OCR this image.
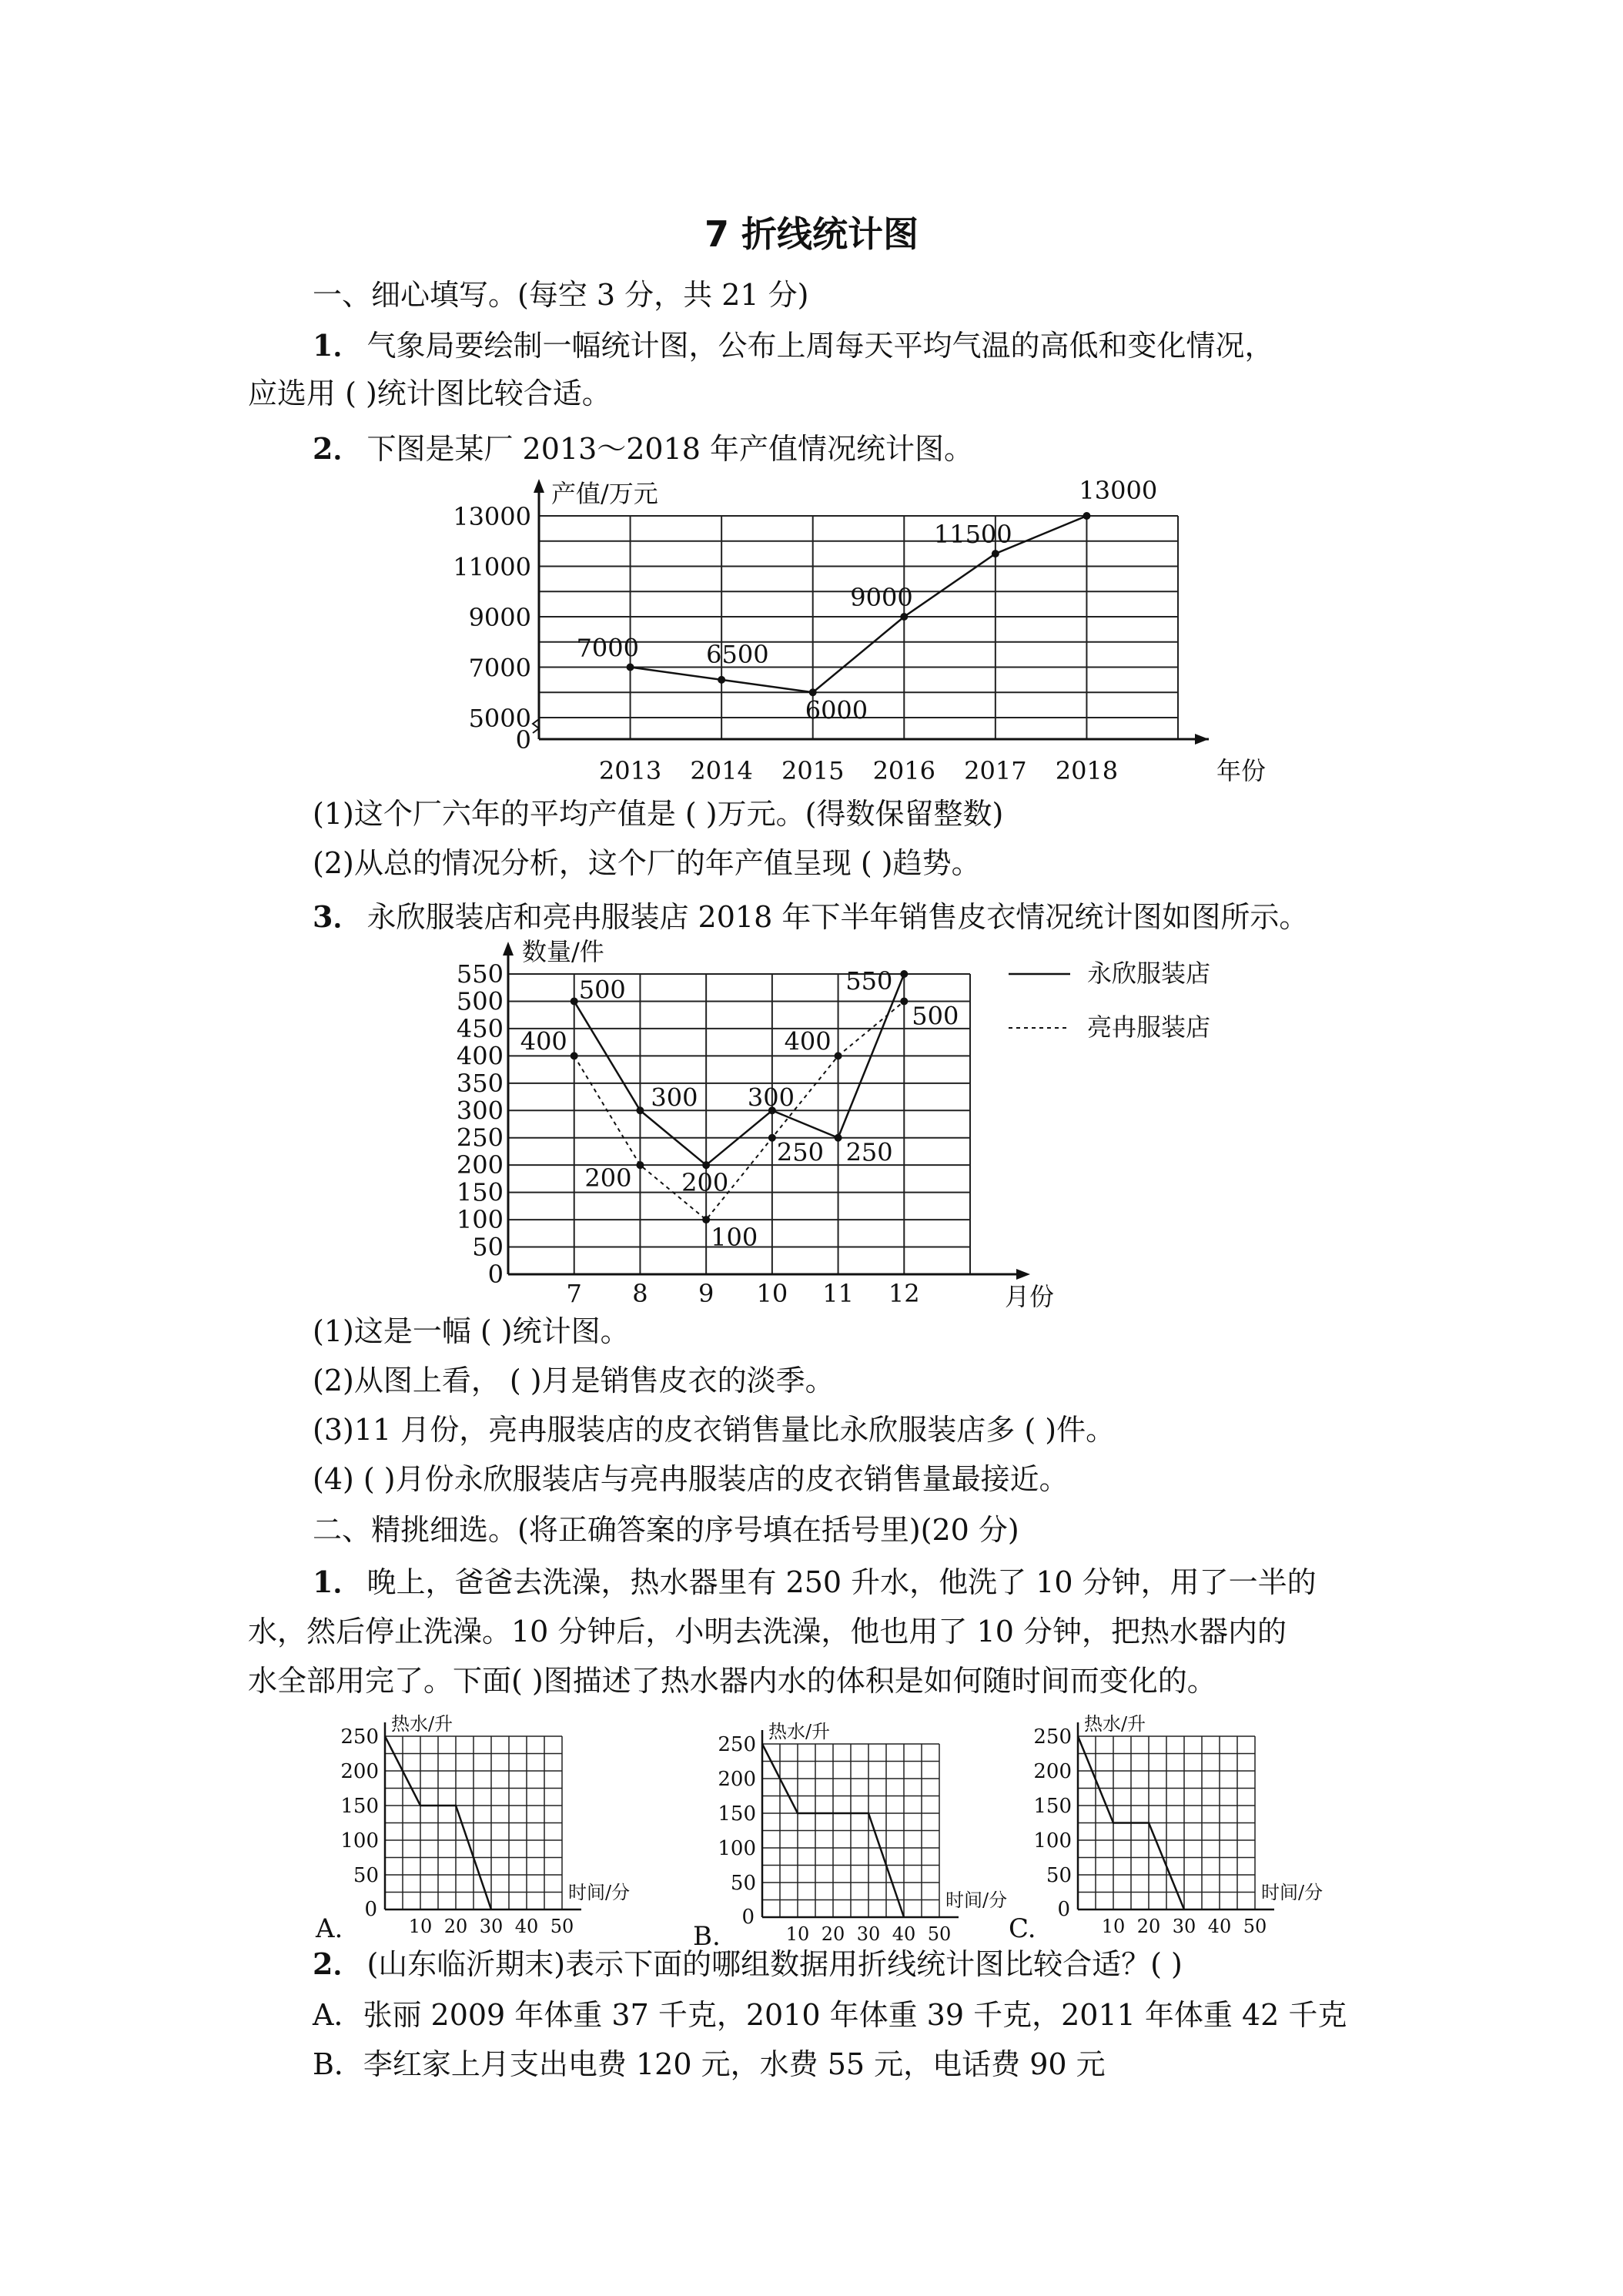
7 折线统计图
一、细心填写。(每空 3 分，共 21 分)
1． 气象局要绘制一幅统计图，公布上周每天平均气温的高低和变化情况，
应选用 ( )统计图比较合适。
2． 下图是某厂 2013～2018 年产值情况统计图。
产值/万元
年份
0
5000
7000
9000
11000
13000
2013 2014 2015 2016 2017 2018
7000	6500
6000
9000
11500
13000
(1)这个厂六年的平均产值是 ( )万元。(得数保留整数)
(2)从总的情况分析，这个厂的年产值呈现 ( )趋势。
3． 永欣服装店和亮冉服装店 2018 年下半年销售皮衣情况统计图如图所示。
数量/件
月份
0
50
100
150
200
250
300
350
400
450
500
550
7 8 9 10 11 12
500
400
300
200 200
100
300
250
400
250
550
500
永欣服装店
亮冉服装店
(1)这是一幅 ( )统计图。
(2)从图上看， ( )月是销售皮衣的淡季。
(3)11 月份，亮冉服装店的皮衣销售量比永欣服装店多 ( )件。
(4) ( )月份永欣服装店与亮冉服装店的皮衣销售量最接近。
二、精挑细选。(将正确答案的序号填在括号里)(20 分)
1． 晚上，爸爸去洗澡，热水器里有 250 升水，他洗了 10 分钟，用了一半的
水，然后停止洗澡。10 分钟后，小明去洗澡，他也用了 10 分钟，把热水器内的
水全部用完了。下面( )图描述了热水器内水的体积是如何随时间而变化的。
热水/升
时间/分
250
200
150
100
50
0
10 20 30 40 50
A.
热水/升
时间/分
250
200
150
100
50
0
10 20 30 40 50
B.
热水/升
时间/分
250
200
150
100
50
0
10 20 30 40 50
C.
2． (山东临沂期末)表示下面的哪组数据用折线统计图比较合适？( )
A．张丽 2009 年体重 37 千克，2010 年体重 39 千克，2011 年体重 42 千克
B．李红家上月支出电费 120 元，水费 55 元，电话费 90 元
